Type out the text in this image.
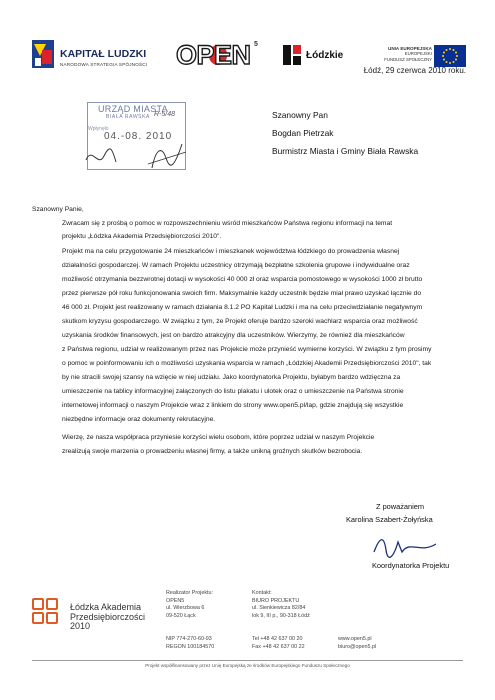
KAPITAŁ LUDZKI
NARODOWA STRATEGIA SPÓJNOŚCI OPEN 5
Łódzkie
UNIA EUROPEJSKA
EUROPEJSKI
FUNDUSZ SPOŁECZNY
Łódź, 29 czerwca 2010 roku.
URZĄD MIASTA
BIAŁA RAWSKA R-5/48
04.-08. 2010
Wpłynęło
Szanowny Pan
Bogdan Pietrzak
Burmistrz Miasta i Gminy Biała Rawska
Szanowny Panie,
Zwracam się z prośbą o pomoc w rozpowszechnieniu wśród mieszkańców Państwa regionu informacji na temat
projektu „Łódzka Akademia Przedsiębiorczości 2010".
Projekt ma na celu przygotowanie 24 mieszkańców i mieszkanek województwa łódzkiego do prowadzenia własnej
działalności gospodarczej. W ramach Projektu uczestnicy otrzymają bezpłatne szkolenia grupowe i indywidualne oraz
możliwość otrzymania bezzwrotnej dotacji w wysokości 40 000 zł oraz wsparcia pomostowego w wysokości 1000 zł brutto
przez pierwsze pół roku funkcjonowania swoich firm. Maksymalnie każdy uczestnik będzie miał prawo uzyskać łącznie do
46 000 zł. Projekt jest realizowany w ramach działania 8.1.2 PO Kapitał Ludzki i ma na celu przeciwdziałanie negatywnym
skutkom kryzysu gospodarczego. W związku z tym, że Projekt oferuje bardzo szeroki wachlarz wsparcia oraz możliwość
uzyskania środków finansowych, jest on bardzo atrakcyjny dla uczestników. Wierzymy, że również dla mieszkańców
z Państwa regionu, udział w realizowanym przez nas Projekcie może przynieść wymierne korzyści. W związku z tym prosimy
o pomoc w poinformowaniu ich o możliwości uzyskania wsparcia w ramach „Łódzkiej Akademii Przedsiębiorczości 2010", tak
by nie stracili swojej szansy na wzięcie w niej udziału. Jako koordynatorka Projektu, byłabym bardzo wdzięczna za
umieszczenie na tablicy informacyjnej załączonych do listu plakatu i ulotek oraz o umieszczenie na Państwa stronie
internetowej informacji o naszym Projekcie wraz z linkiem do strony www.open5.pl/lap, gdzie znajdują się wszystkie
niezbędne informacje oraz dokumenty rekrutacyjne.
Wierzę, że nasza współpraca przyniesie korzyści wielu osobom, które poprzez udział w naszym Projekcie
zrealizują swoje marzenia o prowadzeniu własnej firmy, a także unikną groźnych skutków bezrobocia.
Z poważaniem
Karolina Szabert-Żołyńska
Koordynatorka Projektu
Łódzka Akademia
Przedsiębiorczości
2010
Realizator Projektu:
OPEN5
ul. Wierzbowa 6
09-520 Łąck
NIP 774-270-60-93
REGON 100184570
Kontakt:
BIURO PROJEKTU
ul. Sienkiewicza 82/84
lok 9, III p., 90-318 Łódź
Tel +48 42 637 00 20
Fax +48 42 637 00 22
www.open5.pl
biuro@open5.pl
Projekt współfinansowany przez Unię Europejską ze środków Europejskiego Funduszu Społecznego
